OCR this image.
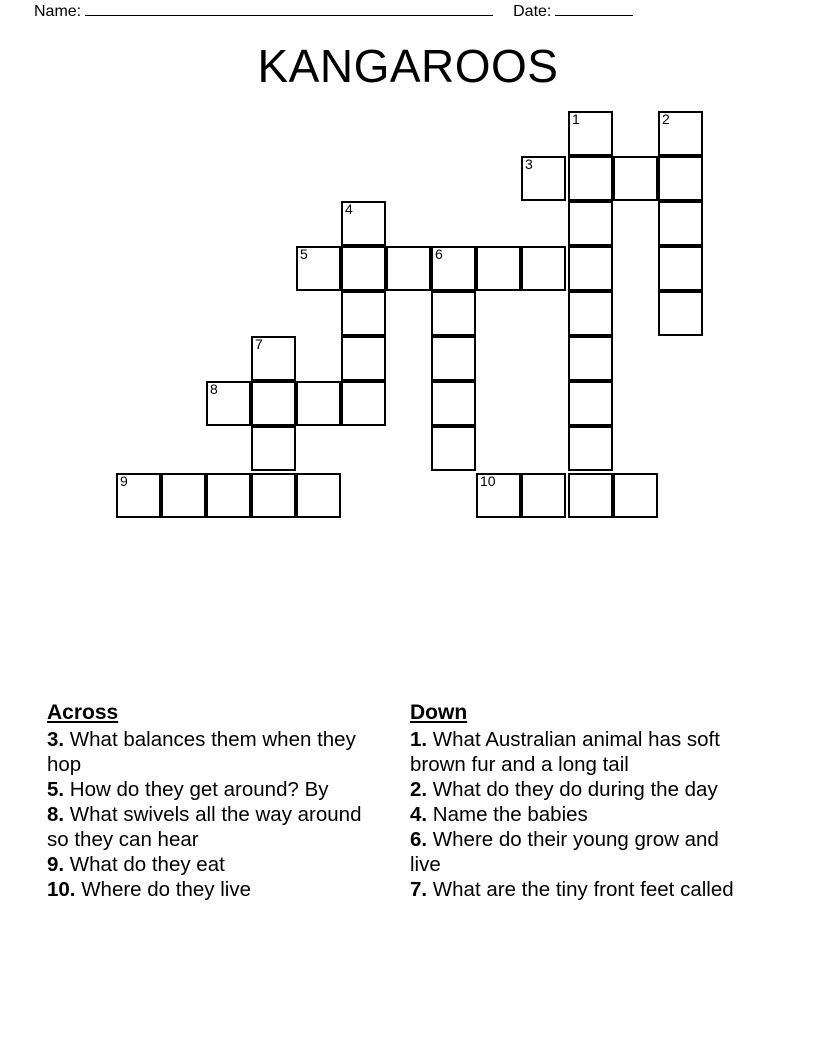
Name:	Date:
KANGAROOS
1	2
3
4
5	6
7
8
9	10
Across
3. What balances them when they hop
5. How do they get around? By
8. What swivels all the way around so they can hear
9. What do they eat
10. Where do they live
Down
1. What Australian animal has soft brown fur and a long tail
2. What do they do during the day
4. Name the babies
6. Where do their young grow and live
7. What are the tiny front feet called
